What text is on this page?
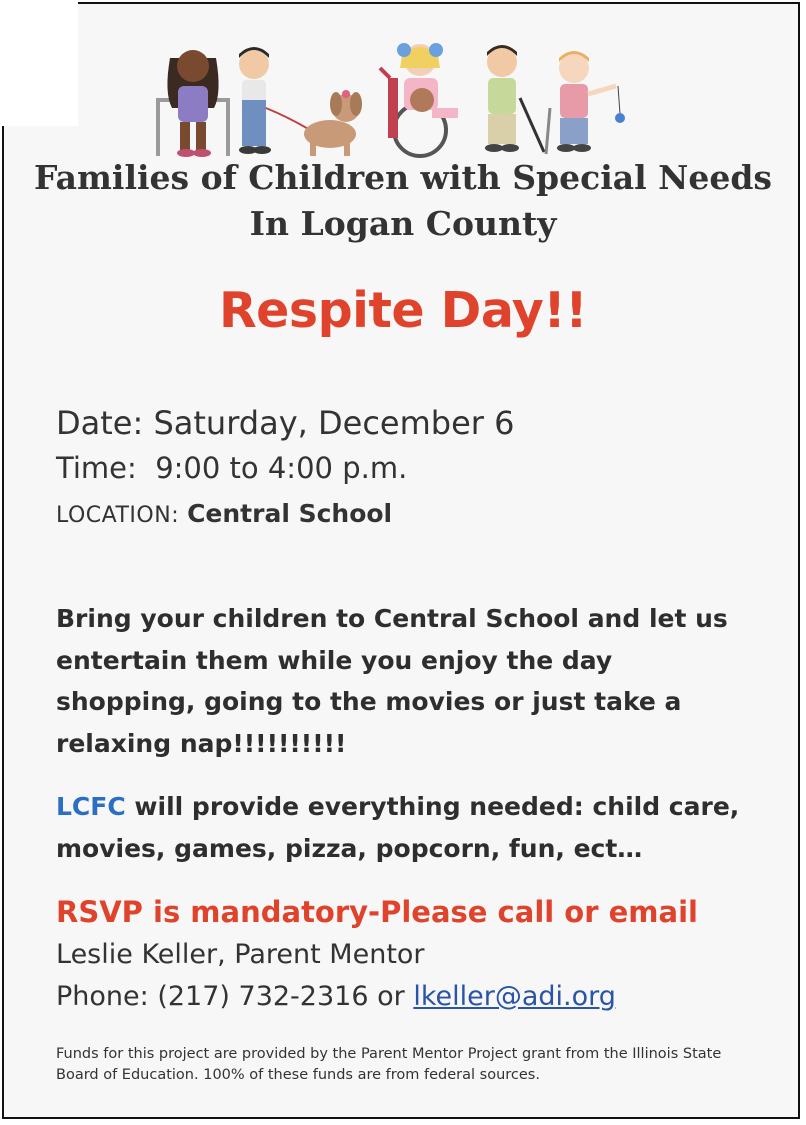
Families of Children with Special Needs
In Logan County
Respite Day!!
Date: Saturday, December 6
Time: 9:00 to 4:00 p.m.
LOCATION: Central School
Bring your children to Central School and let us entertain them while you enjoy the day shopping, going to the movies or just take a relaxing nap!!!!!!!!!!
LCFC will provide everything needed: child care, movies, games, pizza, popcorn, fun, ect…
RSVP is mandatory-Please call or email
Leslie Keller, Parent Mentor
Phone: (217) 732-2316 or lkeller@adi.org
Funds for this project are provided by the Parent Mentor Project grant from the Illinois State Board of Education. 100% of these funds are from federal sources.
